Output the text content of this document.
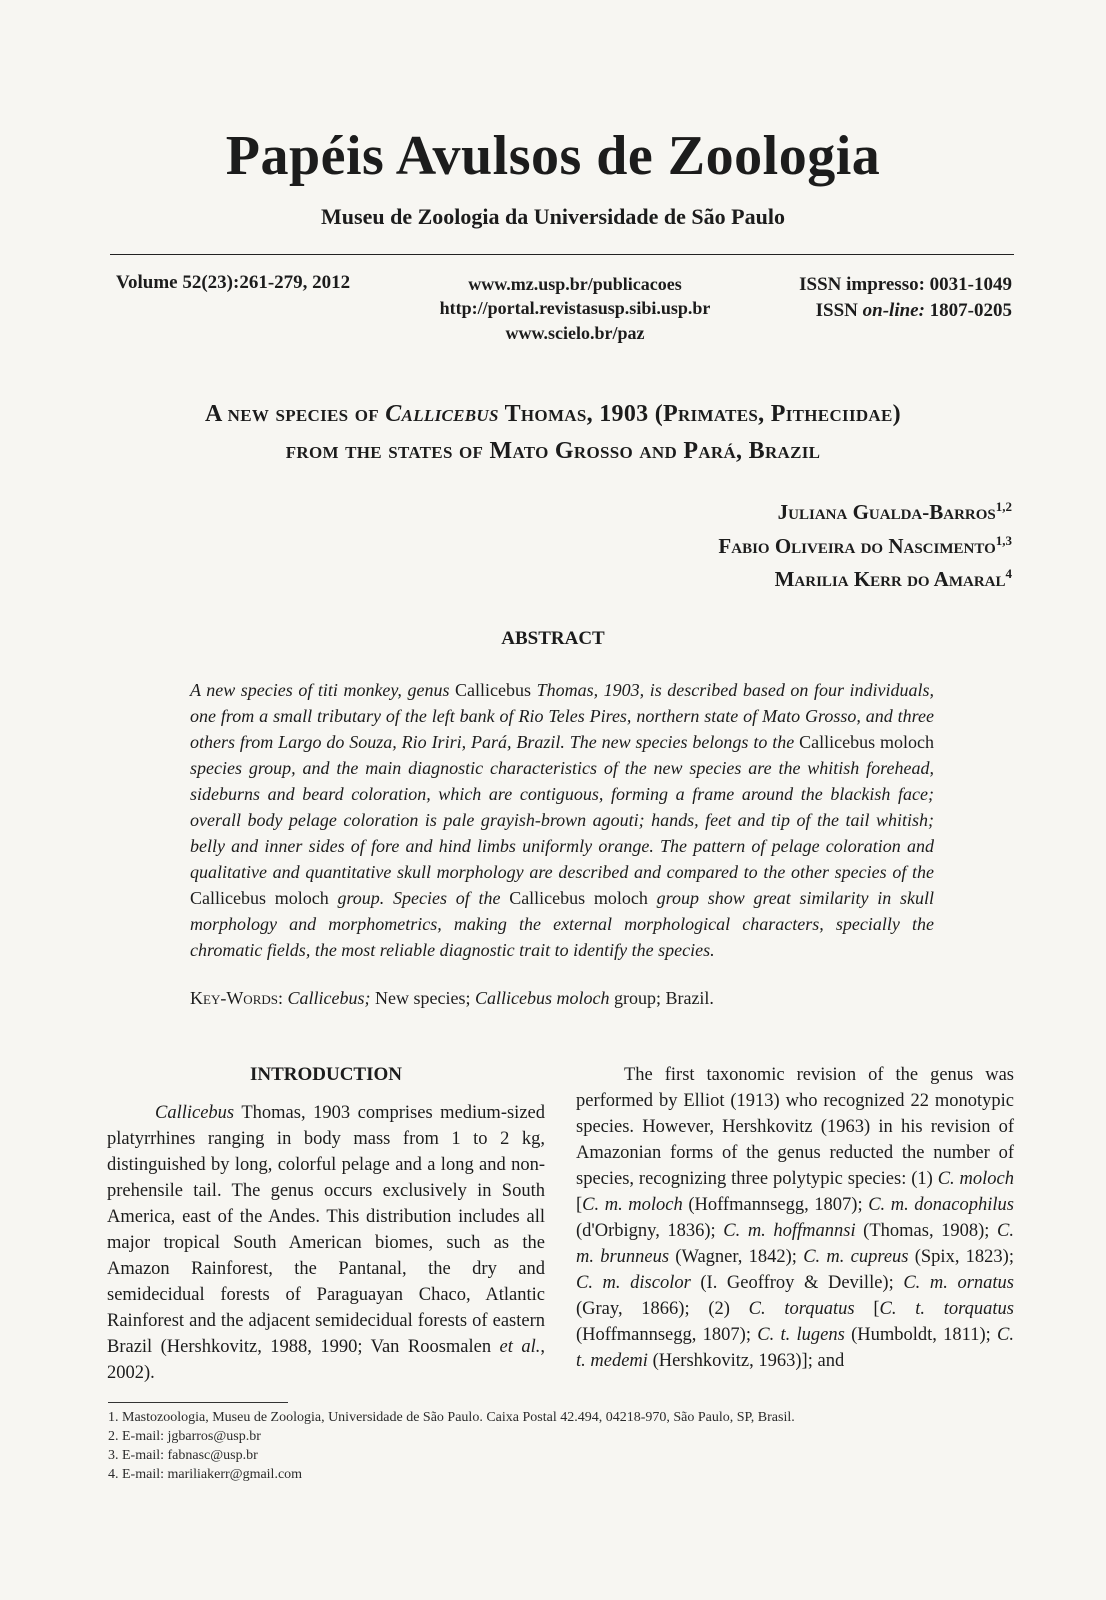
Papéis Avulsos de Zoologia
Museu de Zoologia da Universidade de São Paulo
Volume 52(23):261-279, 2012	www.mz.usp.br/publicacoes
http://portal.revistasusp.sibi.usp.br
www.scielo.br/paz
ISSN impresso: 0031-1049
ISSN on-line: 1807-0205
A new species of Callicebus Thomas, 1903 (Primates, Pitheciidae)
from the states of Mato Grosso and Pará, Brazil
Juliana Gualda-Barros$^{1,2}$
Fabio Oliveira do Nascimento$^{1,3}$
Marilia Kerr do Amaral$^4$
ABSTRACT
A new species of titi monkey, genus Callicebus Thomas, 1903, is described based on four individuals, one from a small tributary of the left bank of Rio Teles Pires, northern state of Mato Grosso, and three others from Largo do Souza, Rio Iriri, Pará, Brazil. The new species belongs to the Callicebus moloch species group, and the main diagnostic characteristics of the new species are the whitish forehead, sideburns and beard coloration, which are contiguous, forming a frame around the blackish face; overall body pelage coloration is pale grayish-brown agouti; hands, feet and tip of the tail whitish; belly and inner sides of fore and hind limbs uniformly orange. The pattern of pelage coloration and qualitative and quantitative skull morphology are described and compared to the other species of the Callicebus moloch group. Species of the Callicebus moloch group show great similarity in skull morphology and morphometrics, making the external morphological characters, specially the chromatic fields, the most reliable diagnostic trait to identify the species.
Key-Words: Callicebus; New species; Callicebus moloch group; Brazil.
INTRODUCTION

Callicebus Thomas, 1903 comprises medium-sized platyrrhines ranging in body mass from 1 to 2 kg, distinguished by long, colorful pelage and a long and non-prehensile tail. The genus occurs exclusively in South America, east of the Andes. This distribution includes all major tropical South American biomes, such as the Amazon Rainforest, the Pantanal, the dry and semidecidual forests of Paraguayan Chaco, Atlantic Rainforest and the adjacent semidecidual forests of eastern Brazil (Hershkovitz, 1988, 1990; Van Roosmalen et al., 2002).

The first taxonomic revision of the genus was performed by Elliot (1913) who recognized 22 monotypic species. However, Hershkovitz (1963) in his revision of Amazonian forms of the genus reducted the number of species, recognizing three polytypic species: (1) C. moloch [C. m. moloch (Hoffmannsegg, 1807); C. m. donacophilus (d'Orbigny, 1836); C. m. hoffmannsi (Thomas, 1908); C. m. brunneus (Wagner, 1842); C. m. cupreus (Spix, 1823); C. m. discolor (I. Geoffroy & Deville); C. m. ornatus (Gray, 1866); (2) C. torquatus [C. t. torquatus (Hoffmannsegg, 1807); C. t. lugens (Humboldt, 1811); C. t. medemi (Hershkovitz, 1963)]; and

1. Mastozoologia, Museu de Zoologia, Universidade de São Paulo. Caixa Postal 42.494, 04218-970, São Paulo, SP, Brasil.
2. E-mail: jgbarros@usp.br
3. E-mail: fabnasc@usp.br
4. E-mail: mariliakerr@gmail.com
